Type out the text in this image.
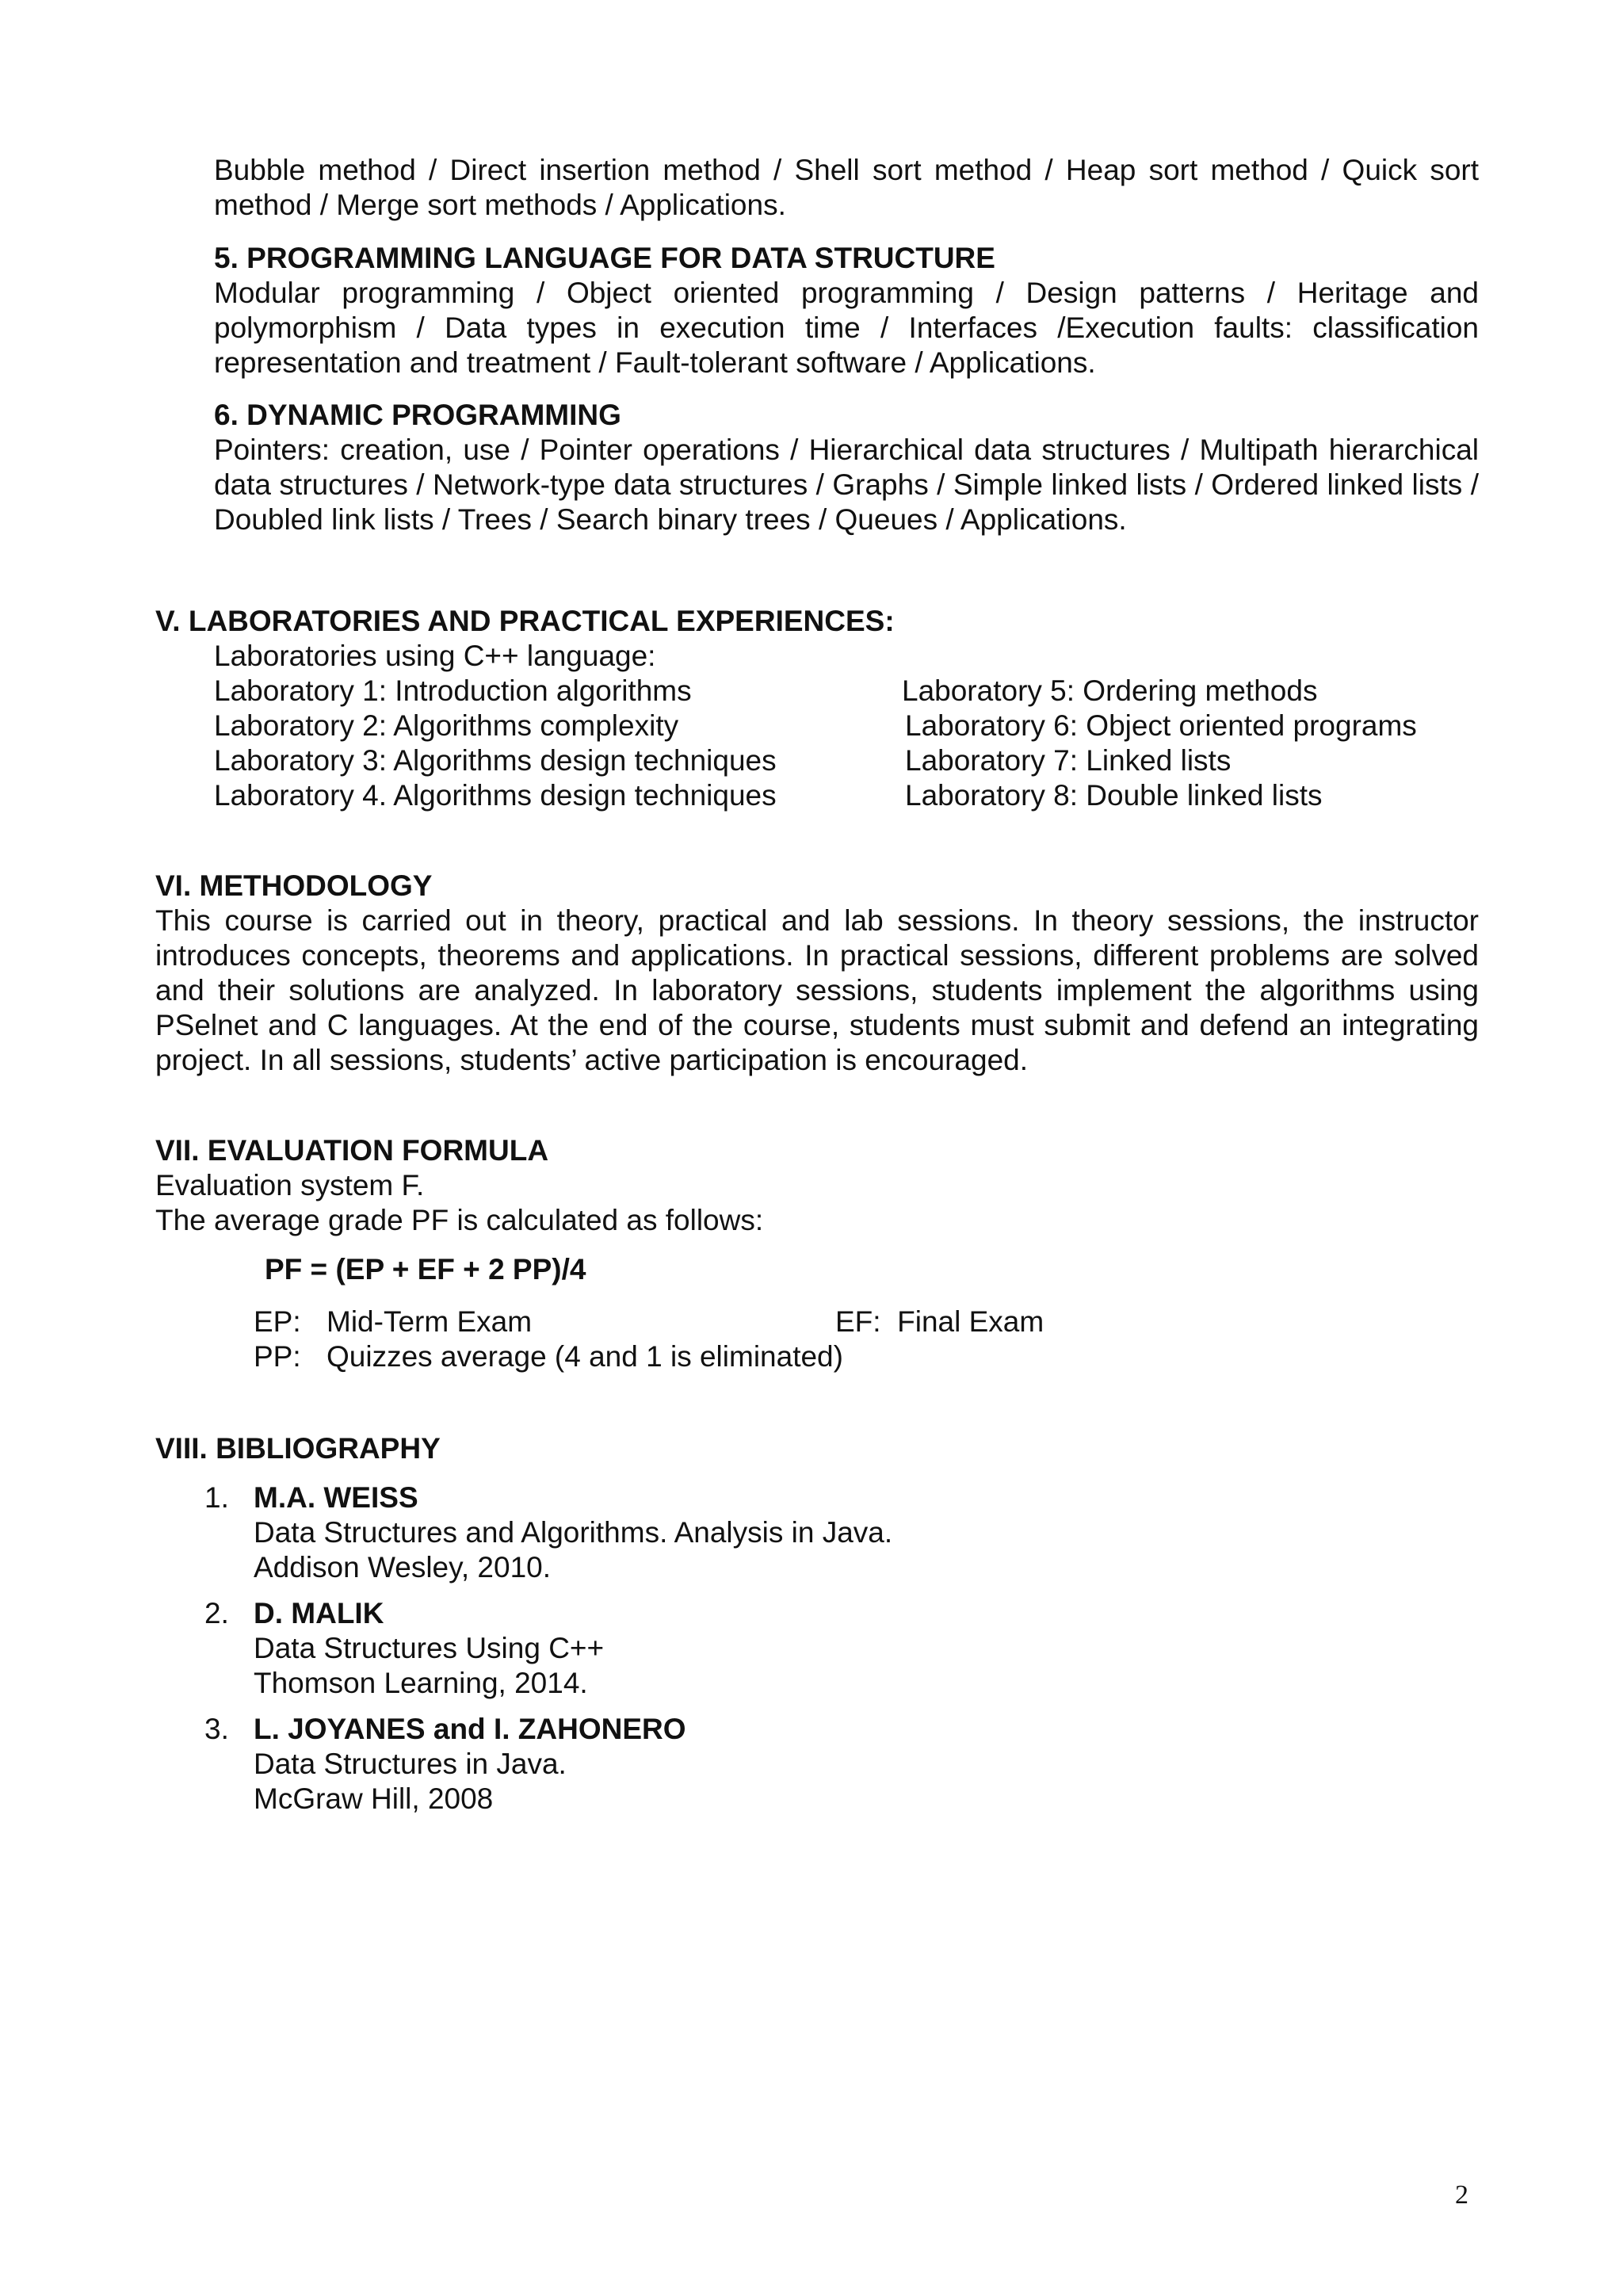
Bubble method / Direct insertion method / Shell sort method / Heap sort method / Quick sort method / Merge sort methods / Applications.

5. PROGRAMMING LANGUAGE FOR DATA STRUCTURE

Modular programming / Object oriented programming / Design patterns / Heritage and polymorphism / Data types in execution time / Interfaces /Execution faults: classification representation and treatment / Fault-tolerant software / Applications.

6. DYNAMIC PROGRAMMING

Pointers: creation, use / Pointer operations / Hierarchical data structures / Multipath hierarchical data structures / Network-type data structures / Graphs / Simple linked lists / Ordered linked lists / Doubled link lists / Trees / Search binary trees / Queues / Applications.

V. LABORATORIES AND PRACTICAL EXPERIENCES:

Laboratories using C++ language:

Laboratory 1: Introduction algorithms
Laboratory 2: Algorithms complexity
Laboratory 3: Algorithms design techniques
Laboratory 4. Algorithms design techniques
Laboratory 5: Ordering methods
Laboratory 6: Object oriented programs
Laboratory 7: Linked lists
Laboratory 8: Double linked lists

VI. METHODOLOGY

This course is carried out in theory, practical and lab sessions. In theory sessions, the instructor introduces concepts, theorems and applications. In practical sessions, different problems are solved and their solutions are analyzed. In laboratory sessions, students implement the algorithms using PSelnet and C languages. At the end of the course, students must submit and defend an integrating project. In all sessions, students’ active participation is encouraged.

VII. EVALUATION FORMULA

Evaluation system F.

The average grade PF is calculated as follows:

PF = (EP + EF + 2 PP)/4

EP: Mid-Term Exam	EF: Final Exam
PP: Quizzes average (4 and 1 is eliminated)

VIII. BIBLIOGRAPHY

1. M.A. WEISS
Data Structures and Algorithms. Analysis in Java.
Addison Wesley, 2010.
2. D. MALIK
Data Structures Using C++
Thomson Learning, 2014.
3. L. JOYANES and I. ZAHONERO
Data Structures in Java.
McGraw Hill, 2008
2
